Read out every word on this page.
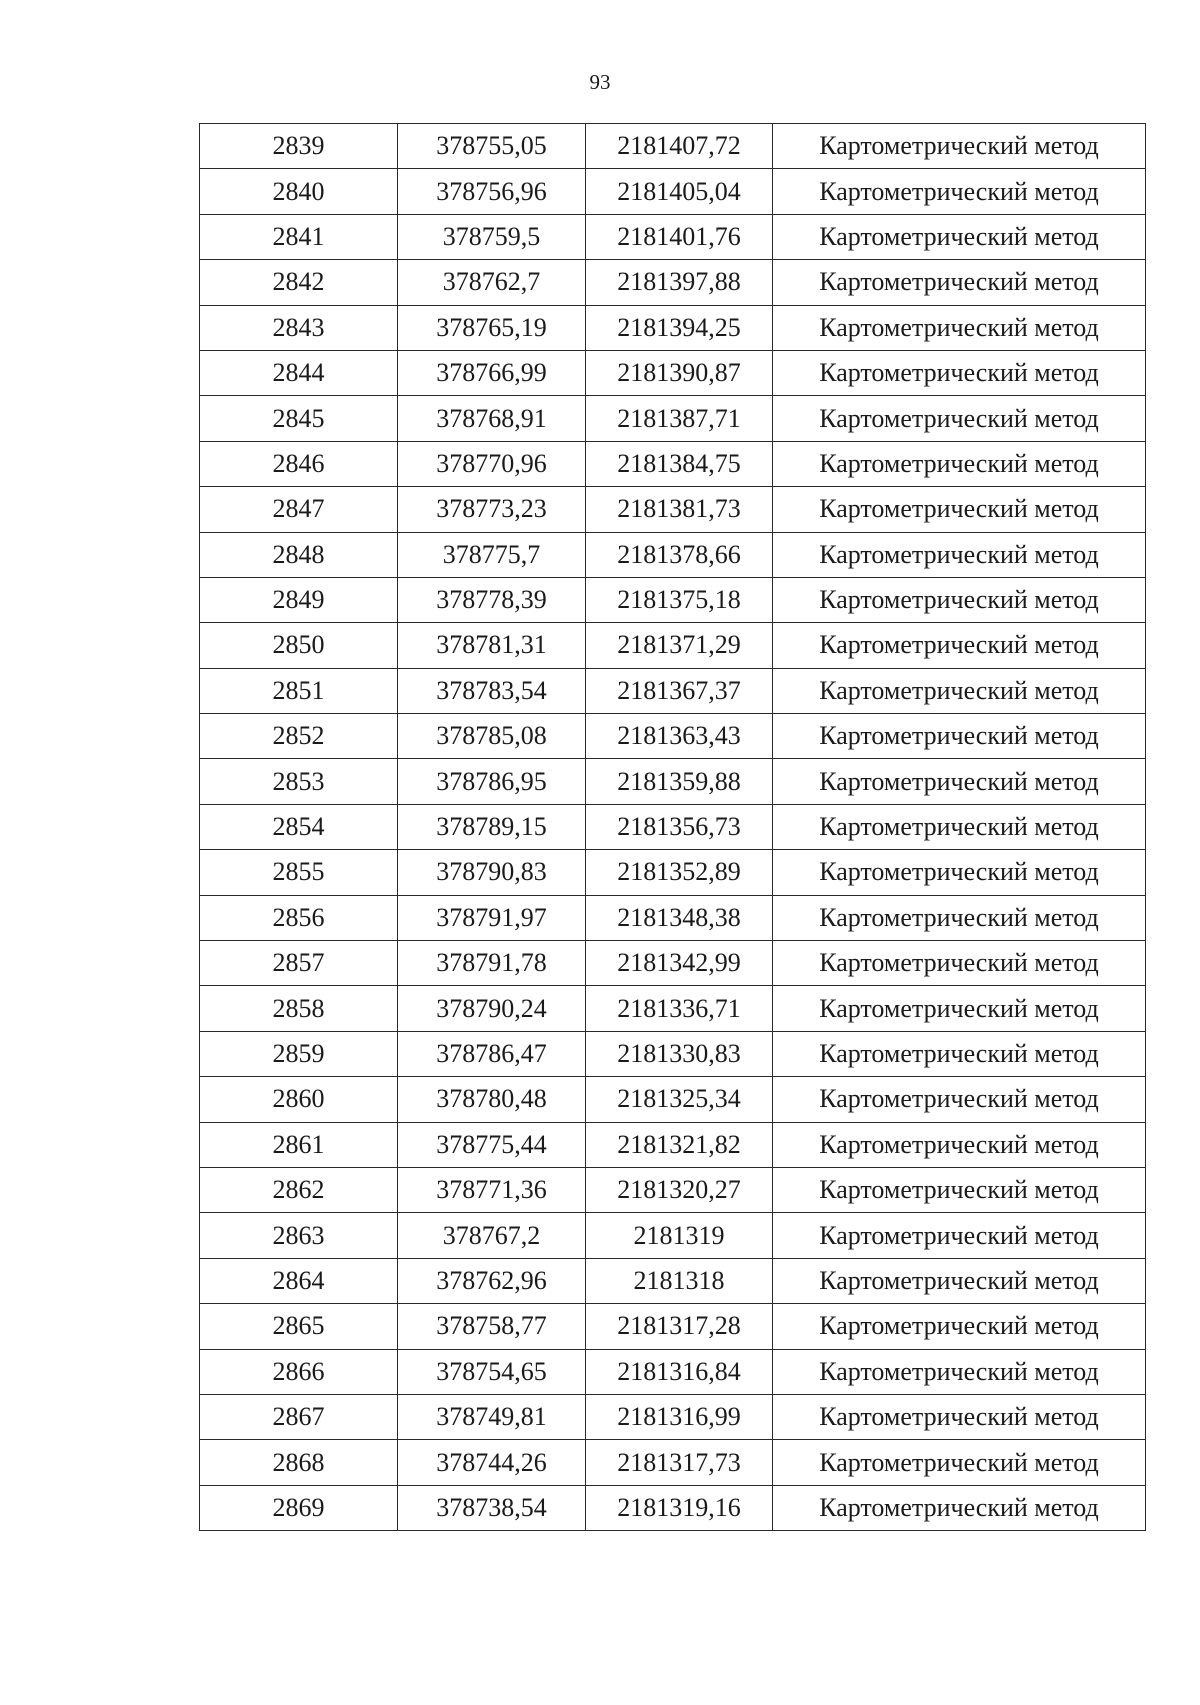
93
2839	378755,05	2181407,72	Картометрический метод
2840	378756,96	2181405,04	Картометрический метод
2841	378759,5	2181401,76	Картометрический метод
2842	378762,7	2181397,88	Картометрический метод
2843	378765,19	2181394,25	Картометрический метод
2844	378766,99	2181390,87	Картометрический метод
2845	378768,91	2181387,71	Картометрический метод
2846	378770,96	2181384,75	Картометрический метод
2847	378773,23	2181381,73	Картометрический метод
2848	378775,7	2181378,66	Картометрический метод
2849	378778,39	2181375,18	Картометрический метод
2850	378781,31	2181371,29	Картометрический метод
2851	378783,54	2181367,37	Картометрический метод
2852	378785,08	2181363,43	Картометрический метод
2853	378786,95	2181359,88	Картометрический метод
2854	378789,15	2181356,73	Картометрический метод
2855	378790,83	2181352,89	Картометрический метод
2856	378791,97	2181348,38	Картометрический метод
2857	378791,78	2181342,99	Картометрический метод
2858	378790,24	2181336,71	Картометрический метод
2859	378786,47	2181330,83	Картометрический метод
2860	378780,48	2181325,34	Картометрический метод
2861	378775,44	2181321,82	Картометрический метод
2862	378771,36	2181320,27	Картометрический метод
2863	378767,2	2181319	Картометрический метод
2864	378762,96	2181318	Картометрический метод
2865	378758,77	2181317,28	Картометрический метод
2866	378754,65	2181316,84	Картометрический метод
2867	378749,81	2181316,99	Картометрический метод
2868	378744,26	2181317,73	Картометрический метод
2869	378738,54	2181319,16	Картометрический метод
